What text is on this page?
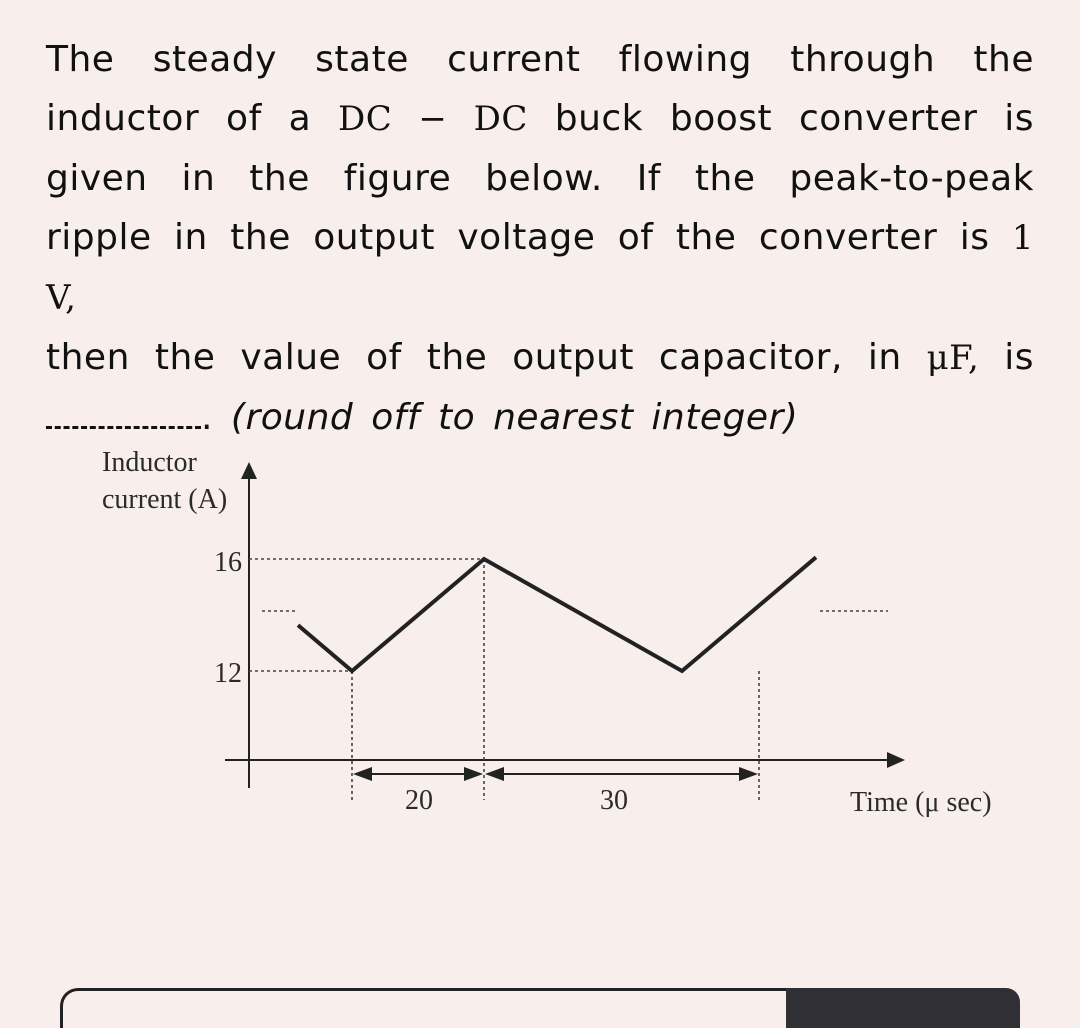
The steady state current flowing through the
inductor of a DC − DC buck boost converter is
given in the figure below. If the peak-to-peak
ripple in the output voltage of the converter is 1 V,
then the value of the output capacitor, in μF, is
. (round off to nearest integer)
Inductor
current (A)
16
12
20	30	Time (μ sec)
